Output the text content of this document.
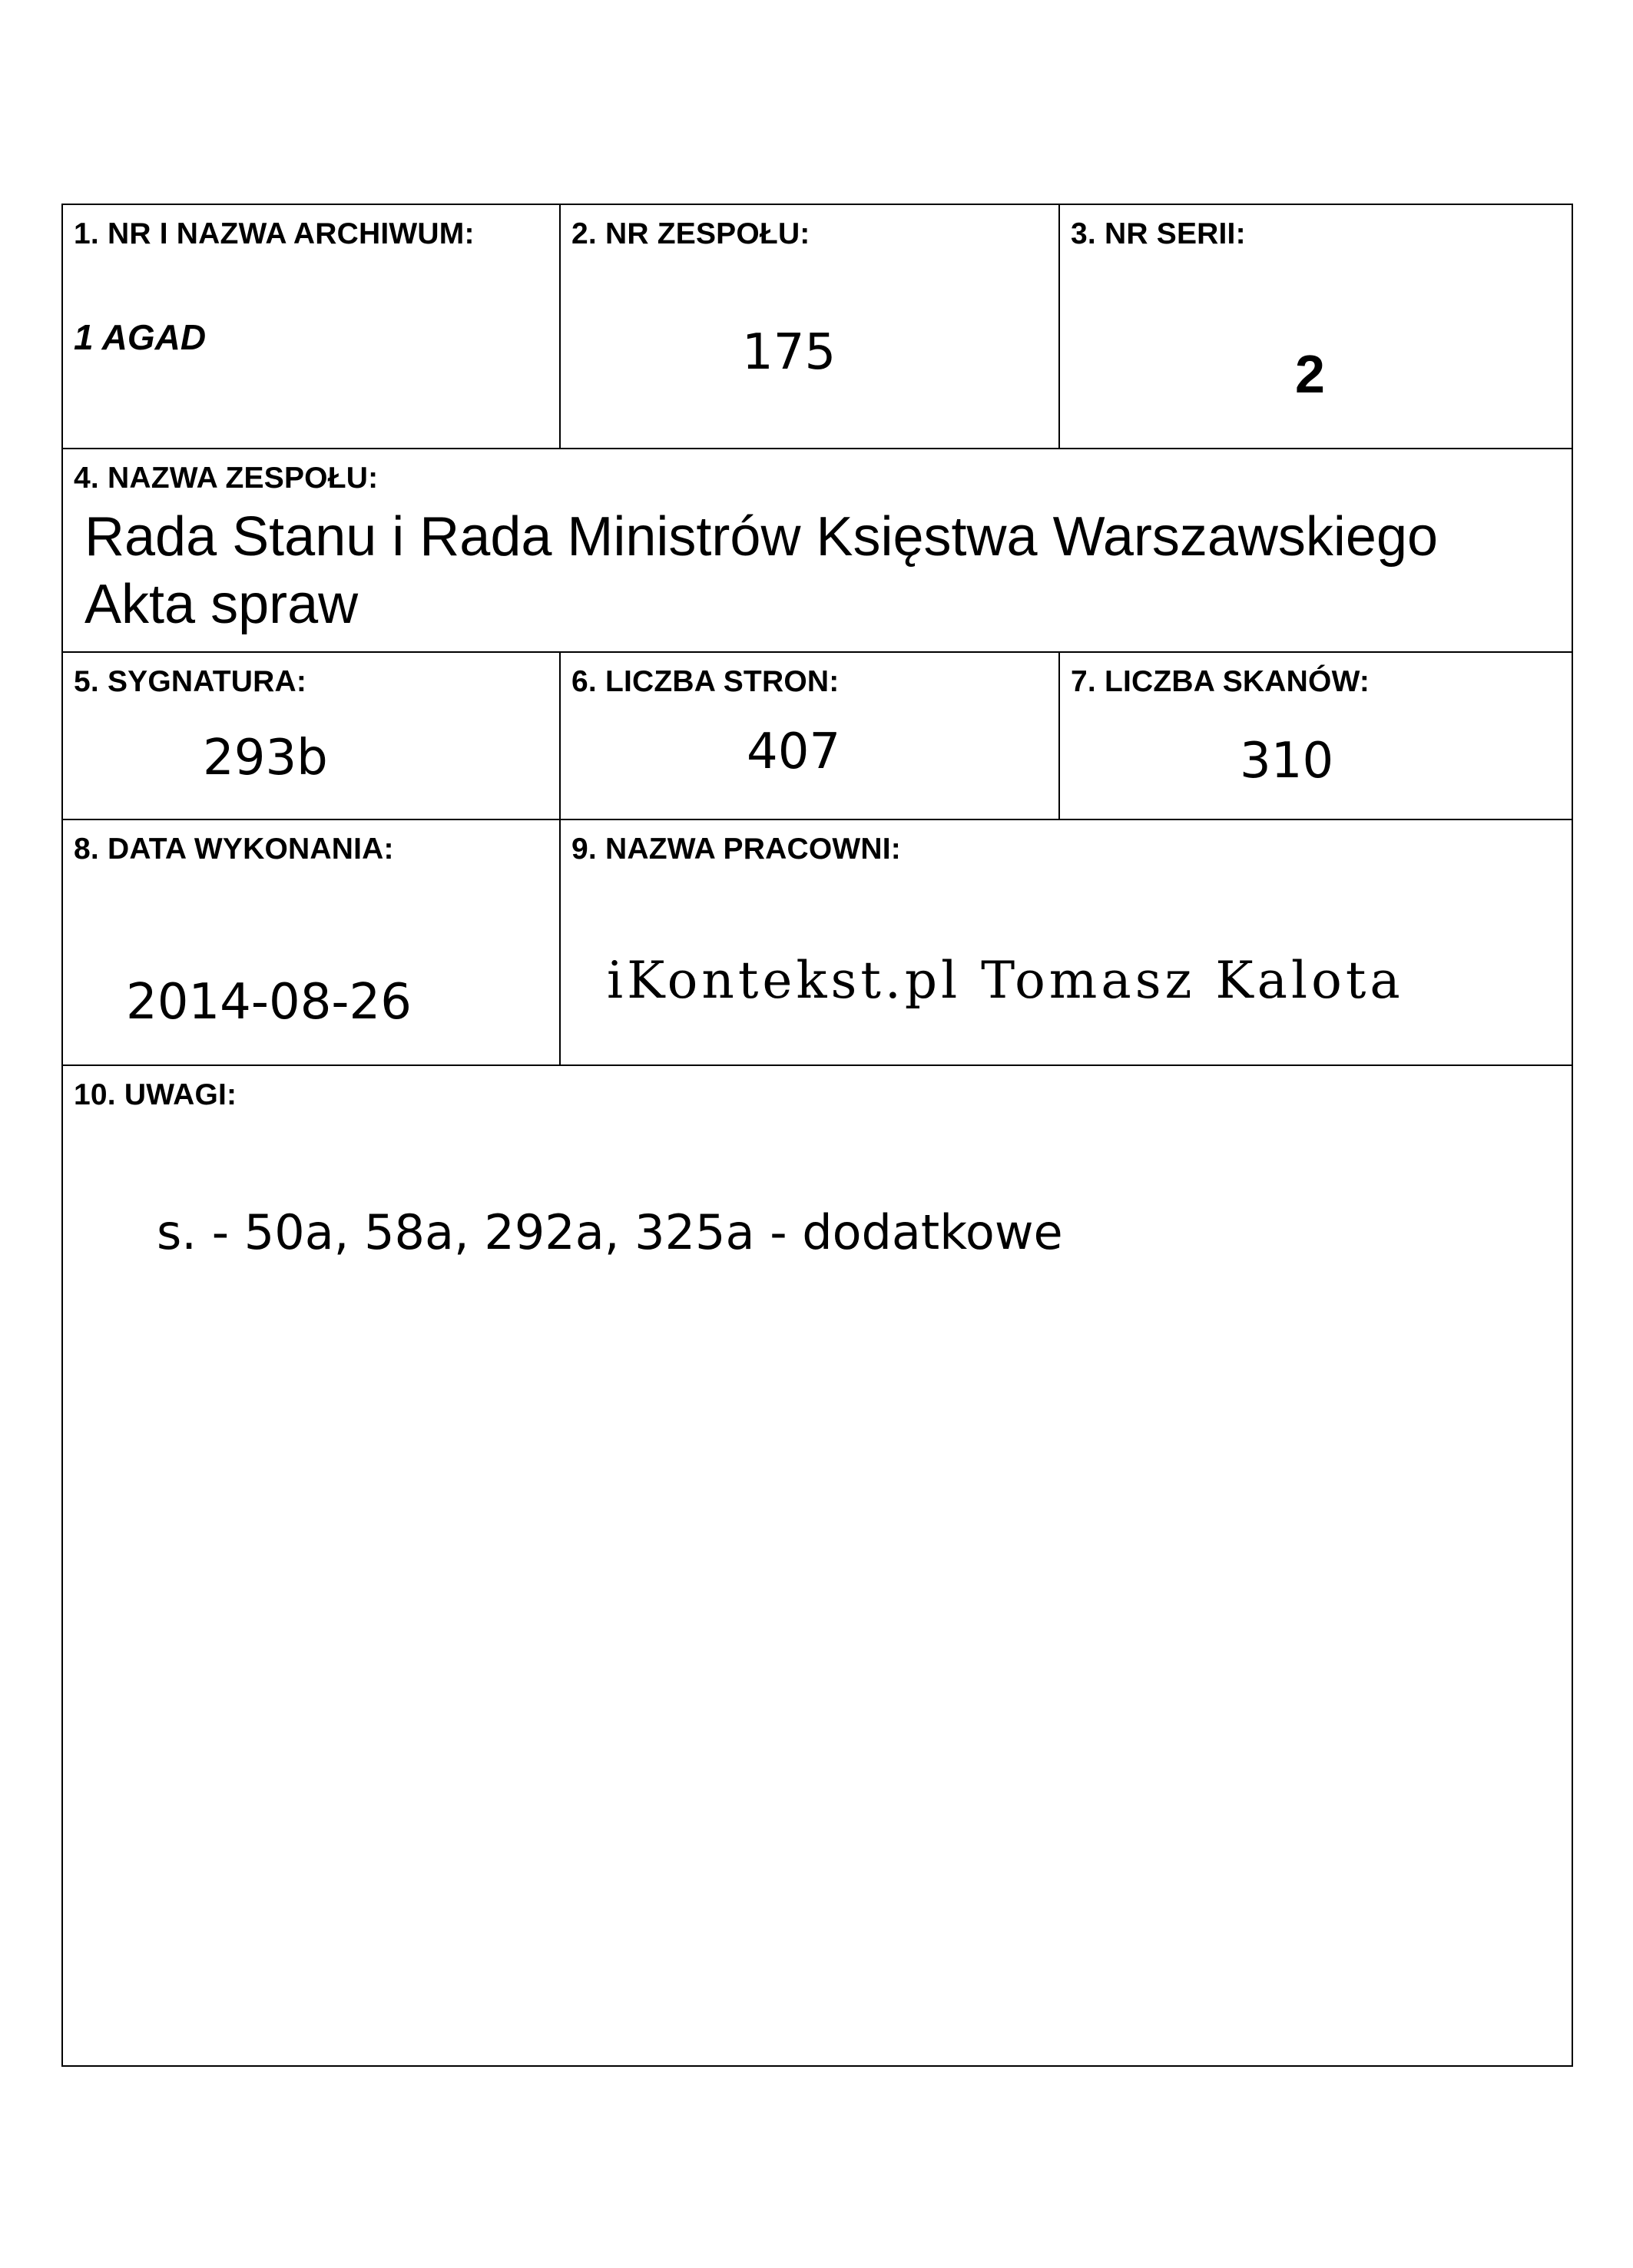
1. NR I NAZWA ARCHIWUM:
1 AGAD
2. NR ZESPOŁU:
175
3. NR SERII:
2
4. NAZWA ZESPOŁU:
Rada Stanu i Rada Ministrów Księstwa Warszawskiego
Akta spraw
5. SYGNATURA:
293b
6. LICZBA STRON:
407
7. LICZBA SKANÓW:
310
8. DATA WYKONANIA:
2014-08-26
9. NAZWA PRACOWNI:
iKontekst.pl Tomasz Kalota
10. UWAGI:
s. - 50a, 58a, 292a, 325a - dodatkowe
